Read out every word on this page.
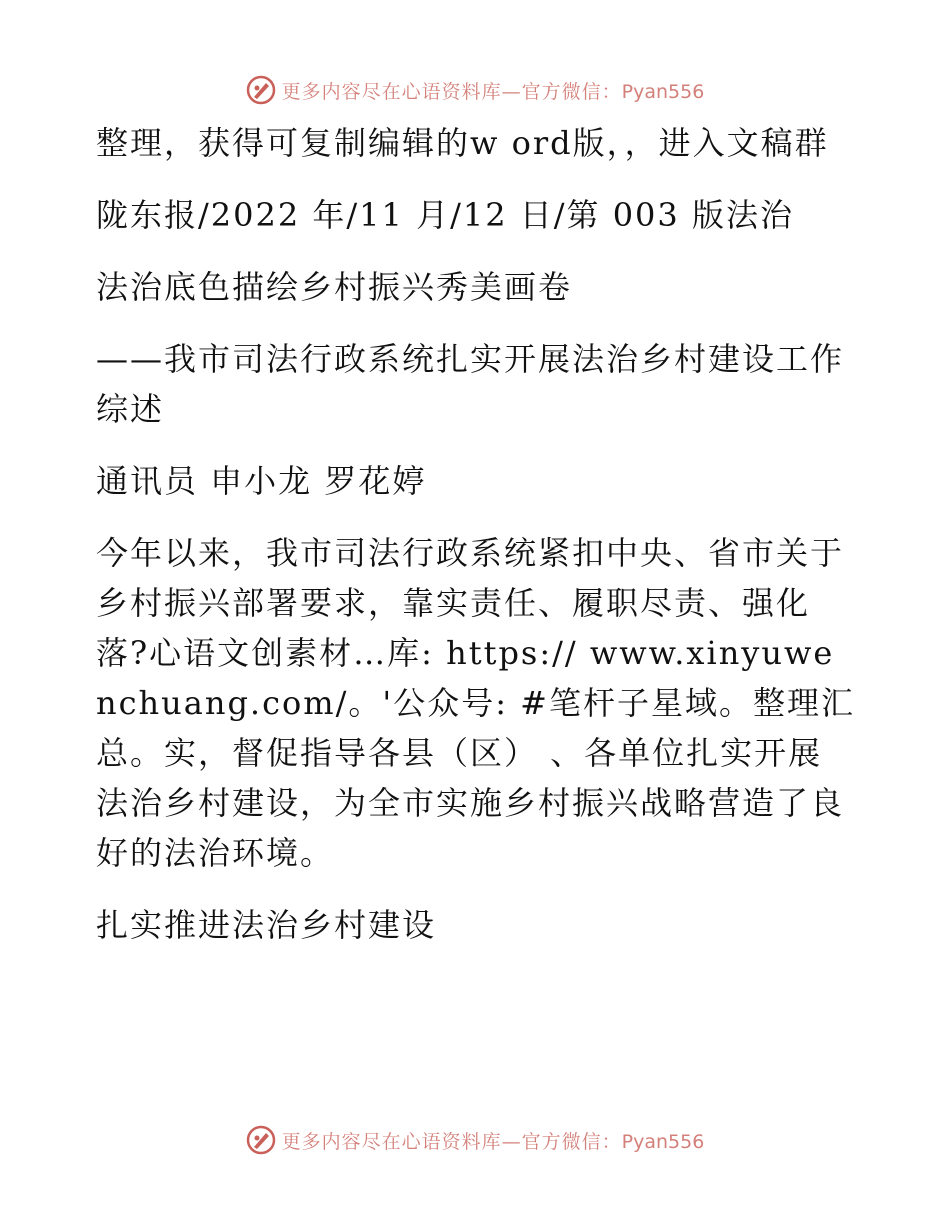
更多内容尽在心语资料库—官方微信：Pyan556

整理，获得可复制编辑的w ord版，，进入文稿群

陇东报/2022 年/11 月/12 日/第 003 版法治

法治底色描绘乡村振兴秀美画卷

——我市司法行政系统扎实开展法治乡村建设工作综述

通讯员 申小龙 罗花婷

今年以来，我市司法行政系统紧扣中央、省市关于乡村振兴部署要求，靠实责任、履职尽责、强化落?心语文创素材…库: https:// www.xinyuwenchuang.com/。'公众号: #笔杆子星域。整理汇总。实，督促指导各县（区） 、各单位扎实开展法治乡村建设，为全市实施乡村振兴战略营造了良好的法治环境。

扎实推进法治乡村建设

更多内容尽在心语资料库—官方微信：Pyan556
